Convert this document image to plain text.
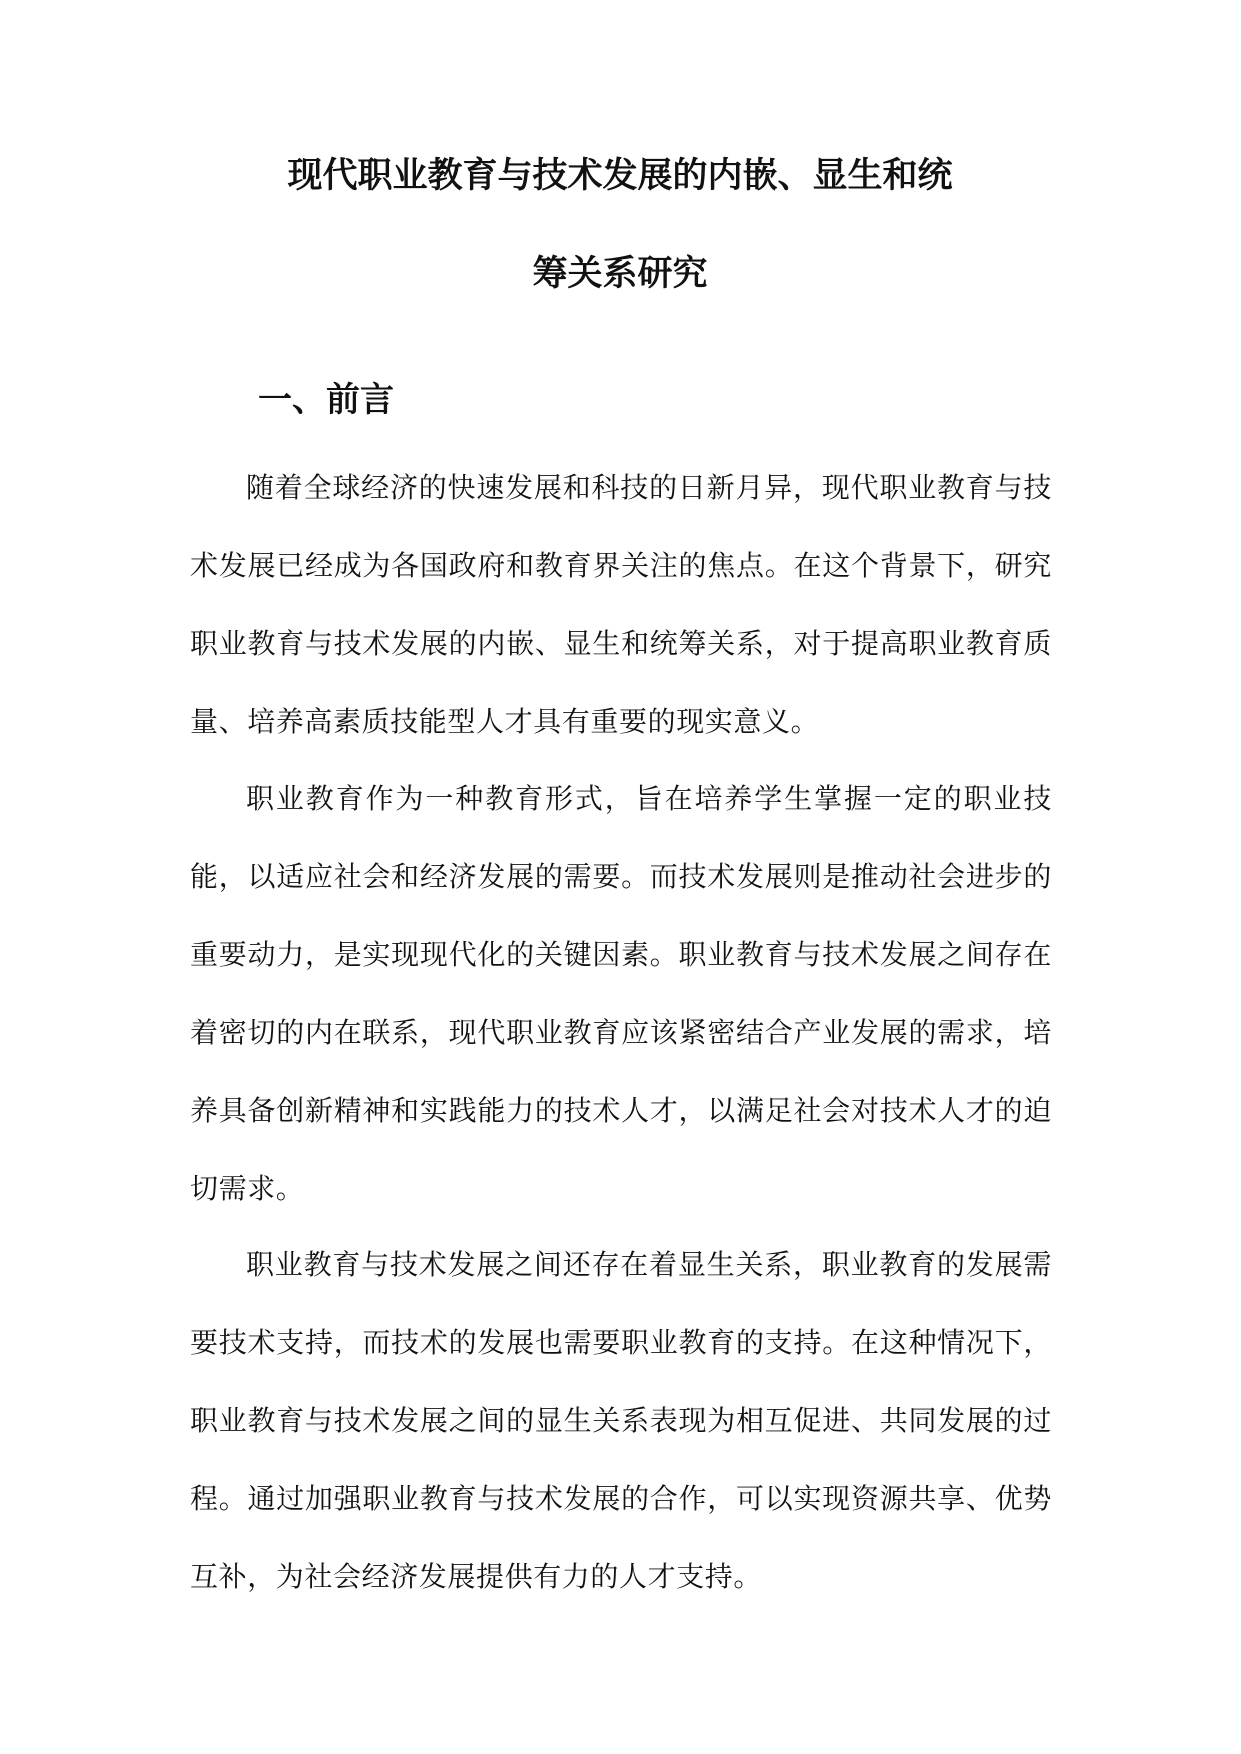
现代职业教育与技术发展的内嵌、显生和统
筹关系研究
一、前言

随着全球经济的快速发展和科技的日新月异，现代职业教育与技术发展已经成为各国政府和教育界关注的焦点。在这个背景下，研究职业教育与技术发展的内嵌、显生和统筹关系，对于提高职业教育质量、培养高素质技能型人才具有重要的现实意义。

职业教育作为一种教育形式，旨在培养学生掌握一定的职业技能，以适应社会和经济发展的需要。而技术发展则是推动社会进步的重要动力，是实现现代化的关键因素。职业教育与技术发展之间存在着密切的内在联系，现代职业教育应该紧密结合产业发展的需求，培养具备创新精神和实践能力的技术人才，以满足社会对技术人才的迫切需求。

职业教育与技术发展之间还存在着显生关系，职业教育的发展需要技术支持，而技术的发展也需要职业教育的支持。在这种情况下，职业教育与技术发展之间的显生关系表现为相互促进、共同发展的过程。通过加强职业教育与技术发展的合作，可以实现资源共享、优势互补，为社会经济发展提供有力的人才支持。
